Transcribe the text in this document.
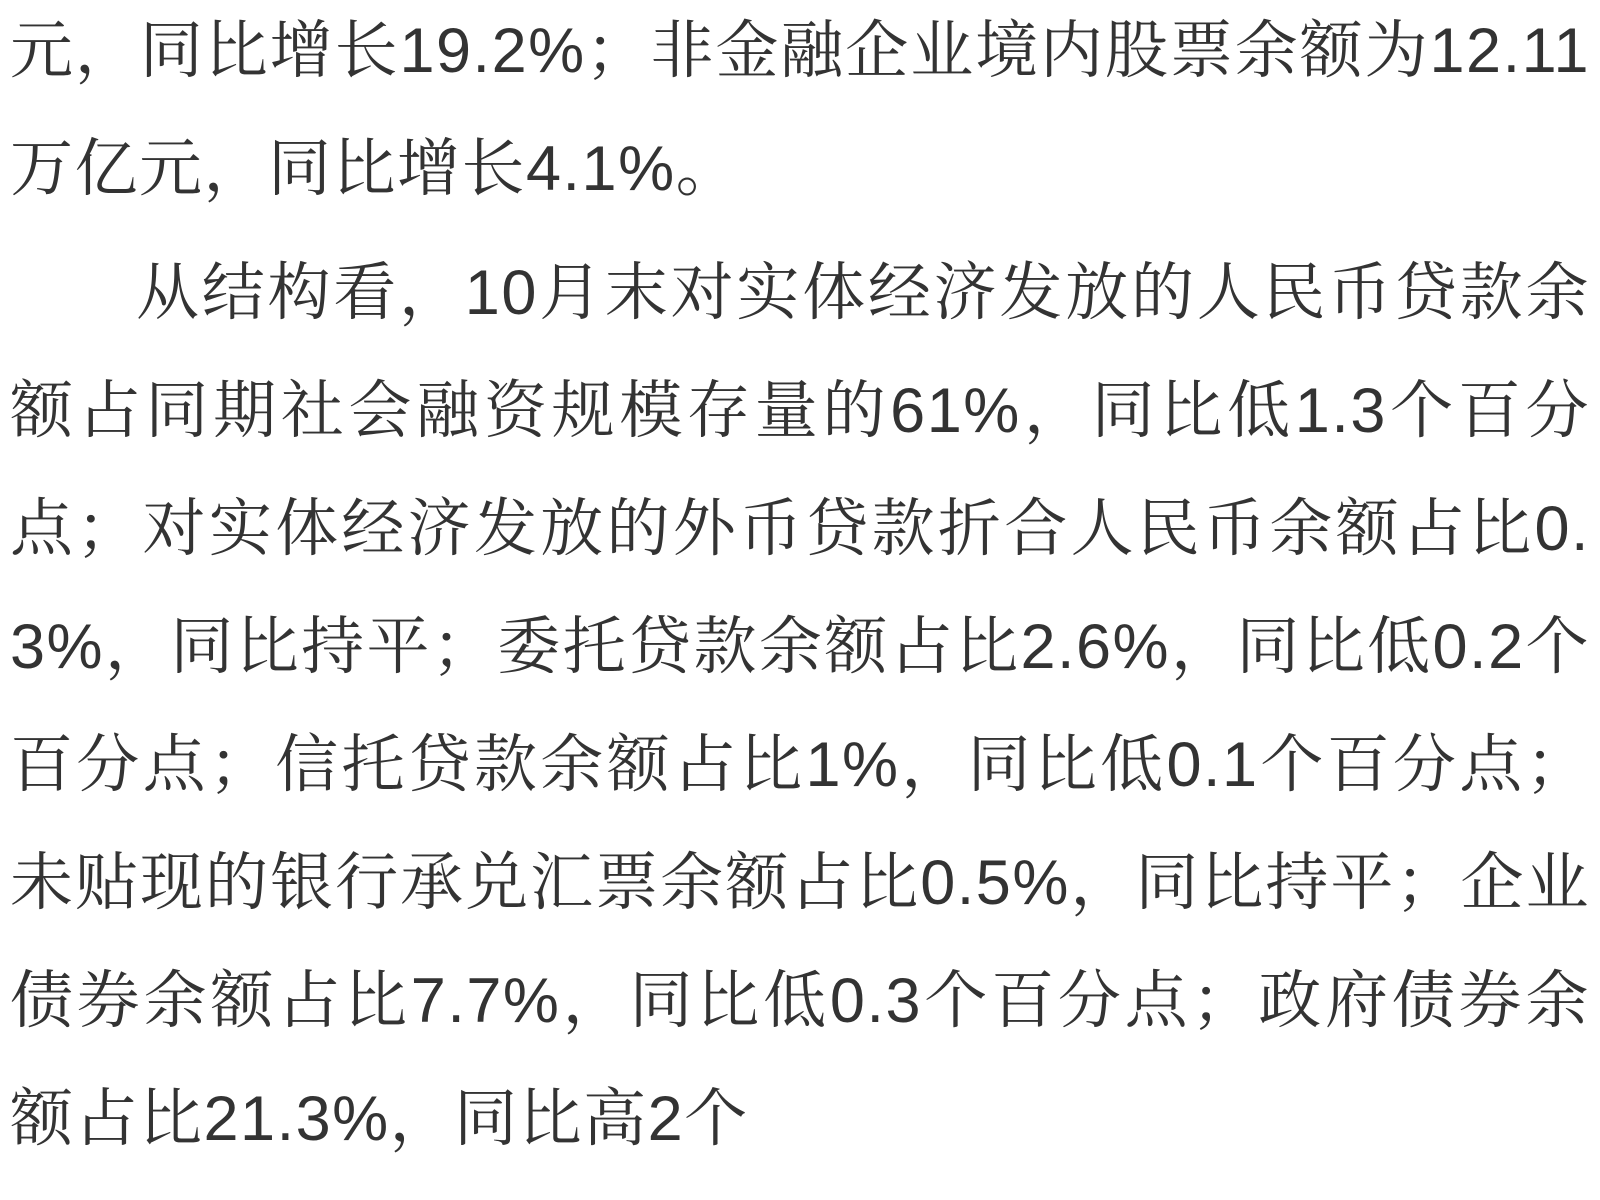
元，同比增长19.2%；非金融企业境内股票余额为12.11万亿元，同比增长4.1%。

从结构看，10月末对实体经济发放的人民币贷款余额占同期社会融资规模存量的61%，同比低1.3个百分点；对实体经济发放的外币贷款折合人民币余额占比0.3%，同比持平；委托贷款余额占比2.6%，同比低0.2个百分点；信托贷款余额占比1%，同比低0.1个百分点；未贴现的银行承兑汇票余额占比0.5%，同比持平；企业债券余额占比7.7%，同比低0.3个百分点；政府债券余额占比21.3%，同比高2个
